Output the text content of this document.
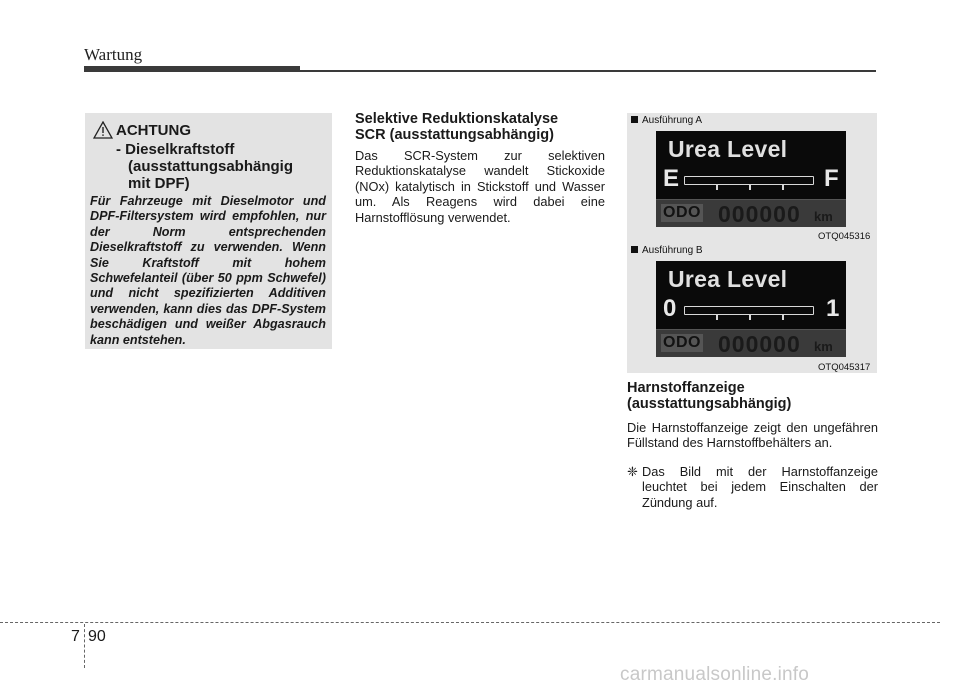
Wartung
ACHTUNG
- Dieselkraftstoff
(ausstattungsabhängig
mit DPF)
Für Fahrzeuge mit Dieselmotor und DPF-Filtersystem wird empfohlen, nur der Norm entsprechenden Dieselkraftstoff zu verwenden. Wenn Sie Kraftstoff mit hohem Schwefelanteil (über 50 ppm Schwefel) und nicht spezifizierten Additiven verwenden, kann dies das DPF-System beschädigen und weißer Abgasrauch kann entstehen.
Selektive Reduktionskatalyse
SCR (ausstattungsabhängig)
Das SCR-System zur selektiven Reduktionskatalyse wandelt Stickoxide (NOx) katalytisch in Stickstoff und Wasser um. Als Reagens wird dabei eine Harnstofflösung verwendet.
Ausführung A
Urea Level
E	F
ODO 000000 km
OTQ045316
Ausführung B
Urea Level
0	1
ODO 000000 km
OTQ045317
Harnstoffanzeige
(ausstattungsabhängig)
Die Harnstoffanzeige zeigt den ungefähren Füllstand des Harnstoffbehälters an.
❈ Das Bild mit der Harnstoffanzeige leuchtet bei jedem Einschalten der Zündung auf.
7 90
carmanualsonline.info
